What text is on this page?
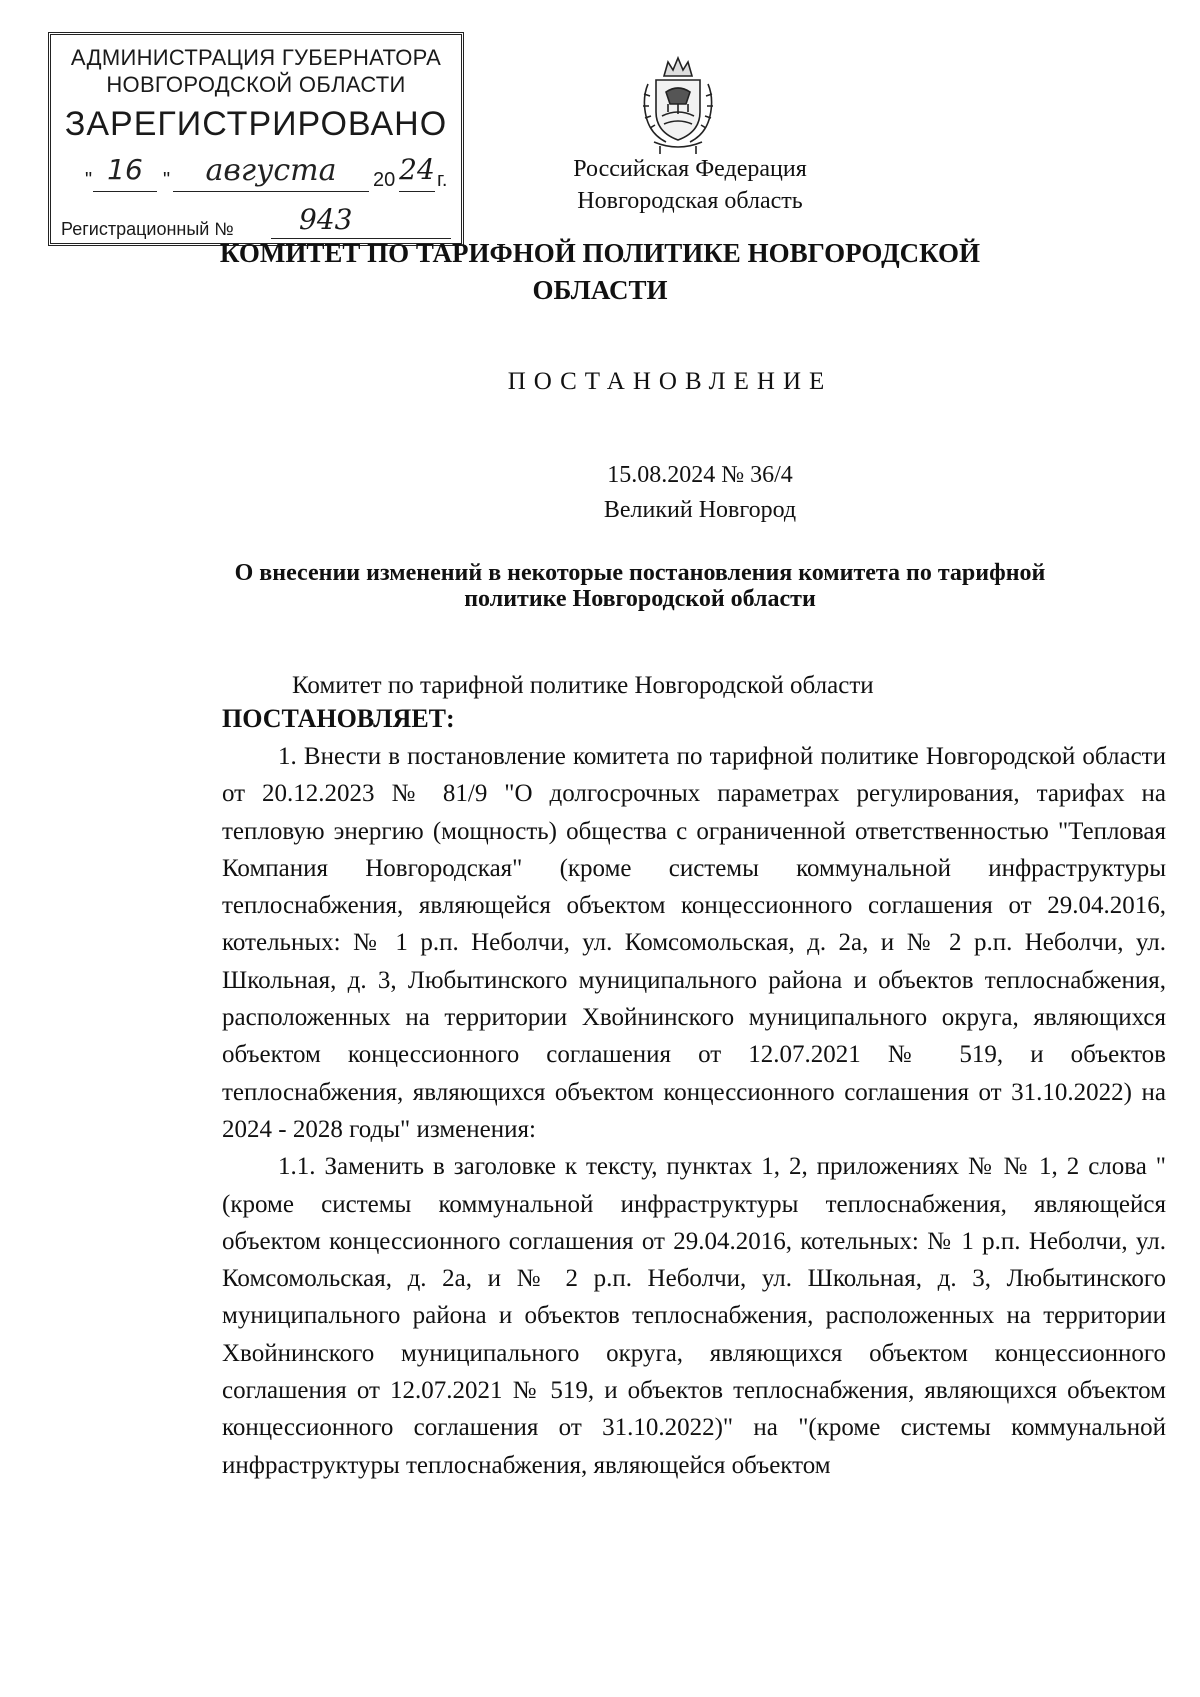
АДМИНИСТРАЦИЯ ГУБЕРНАТОРА
НОВГОРОДСКОЙ ОБЛАСТИ
ЗАРЕГИСТРИРОВАНО
" 16	"	августа	20 24 г.
Регистрационный №	943
Российская Федерация
Новгородская область
КОМИТЕТ ПО ТАРИФНОЙ ПОЛИТИКЕ НОВГОРОДСКОЙ ОБЛАСТИ
ПОСТАНОВЛЕНИЕ
15.08.2024 № 36/4
Великий Новгород
О внесении изменений в некоторые постановления комитета по тарифной политике Новгородской области
Комитет по тарифной политике Новгородской области
ПОСТАНОВЛЯЕТ:

1. Внести в постановление комитета по тарифной политике Новгородской области от 20.12.2023 № 81/9 "О долгосрочных параметрах регулирования, тарифах на тепловую энергию (мощность) общества с ограниченной ответственностью "Тепловая Компания Новгородская" (кроме системы коммунальной инфраструктуры теплоснабжения, являющейся объектом концессионного соглашения от 29.04.2016, котельных: № 1 р.п. Неболчи, ул. Комсомольская, д. 2а, и № 2 р.п. Неболчи, ул. Школьная, д. 3, Любытинского муниципального района и объектов теплоснабжения, расположенных на территории Хвойнинского муниципального округа, являющихся объектом концессионного соглашения от 12.07.2021 № 519, и объектов теплоснабжения, являющихся объектом концессионного соглашения от 31.10.2022) на 2024 - 2028 годы" изменения:

1.1. Заменить в заголовке к тексту, пунктах 1, 2, приложениях № № 1, 2 слова " (кроме системы коммунальной инфраструктуры теплоснабжения, являющейся объектом концессионного соглашения от 29.04.2016, котельных: № 1 р.п. Неболчи, ул. Комсомольская, д. 2а, и № 2 р.п. Неболчи, ул. Школьная, д. 3, Любытинского муниципального района и объектов теплоснабжения, расположенных на территории Хвойнинского муниципального округа, являющихся объектом концессионного соглашения от 12.07.2021 № 519, и объектов теплоснабжения, являющихся объектом концессионного соглашения от 31.10.2022)" на "(кроме системы коммунальной инфраструктуры теплоснабжения, являющейся объектом
